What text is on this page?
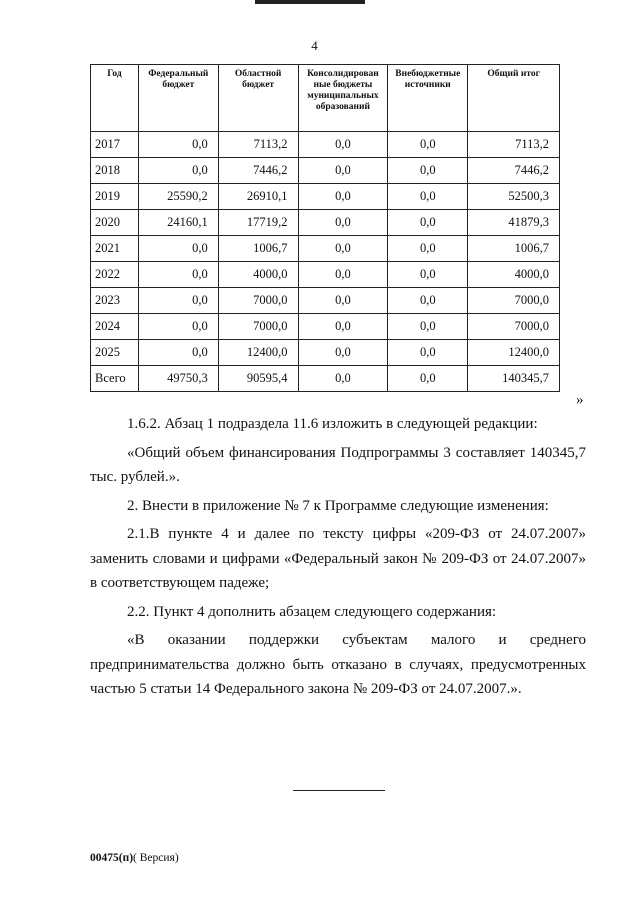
4
Год	Федеральный бюджет	Областной бюджет	Консолидирован ные бюджеты муниципальных образований	Внебюджетные источники	Общий итог
2017	0,0	7113,2	0,0	0,0	7113,2
2018	0,0	7446,2	0,0	0,0	7446,2
2019	25590,2	26910,1	0,0	0,0	52500,3
2020	24160,1	17719,2	0,0	0,0	41879,3
2021	0,0	1006,7	0,0	0,0	1006,7
2022	0,0	4000,0	0,0	0,0	4000,0
2023	0,0	7000,0	0,0	0,0	7000,0
2024	0,0	7000,0	0,0	0,0	7000,0
2025	0,0	12400,0	0,0	0,0	12400,0
Всего	49750,3	90595,4	0,0	0,0	140345,7
»

1.6.2. Абзац 1 подраздела 11.6 изложить в следующей редакции:

«Общий объем финансирования Подпрограммы 3 составляет 140345,7 тыс. рублей.».

2. Внести в приложение № 7 к Программе следующие изменения:

2.1.В пункте 4 и далее по тексту цифры «209-ФЗ от 24.07.2007» заменить словами и цифрами «Федеральный закон № 209-ФЗ от 24.07.2007» в соответствующем падеже;

2.2. Пункт 4 дополнить абзацем следующего содержания:

«В оказании поддержки субъектам малого и среднего предпринимательства должно быть отказано в случаях, предусмотренных частью 5 статьи 14 Федерального закона № 209-ФЗ от 24.07.2007.».

00475(п)( Версия)
